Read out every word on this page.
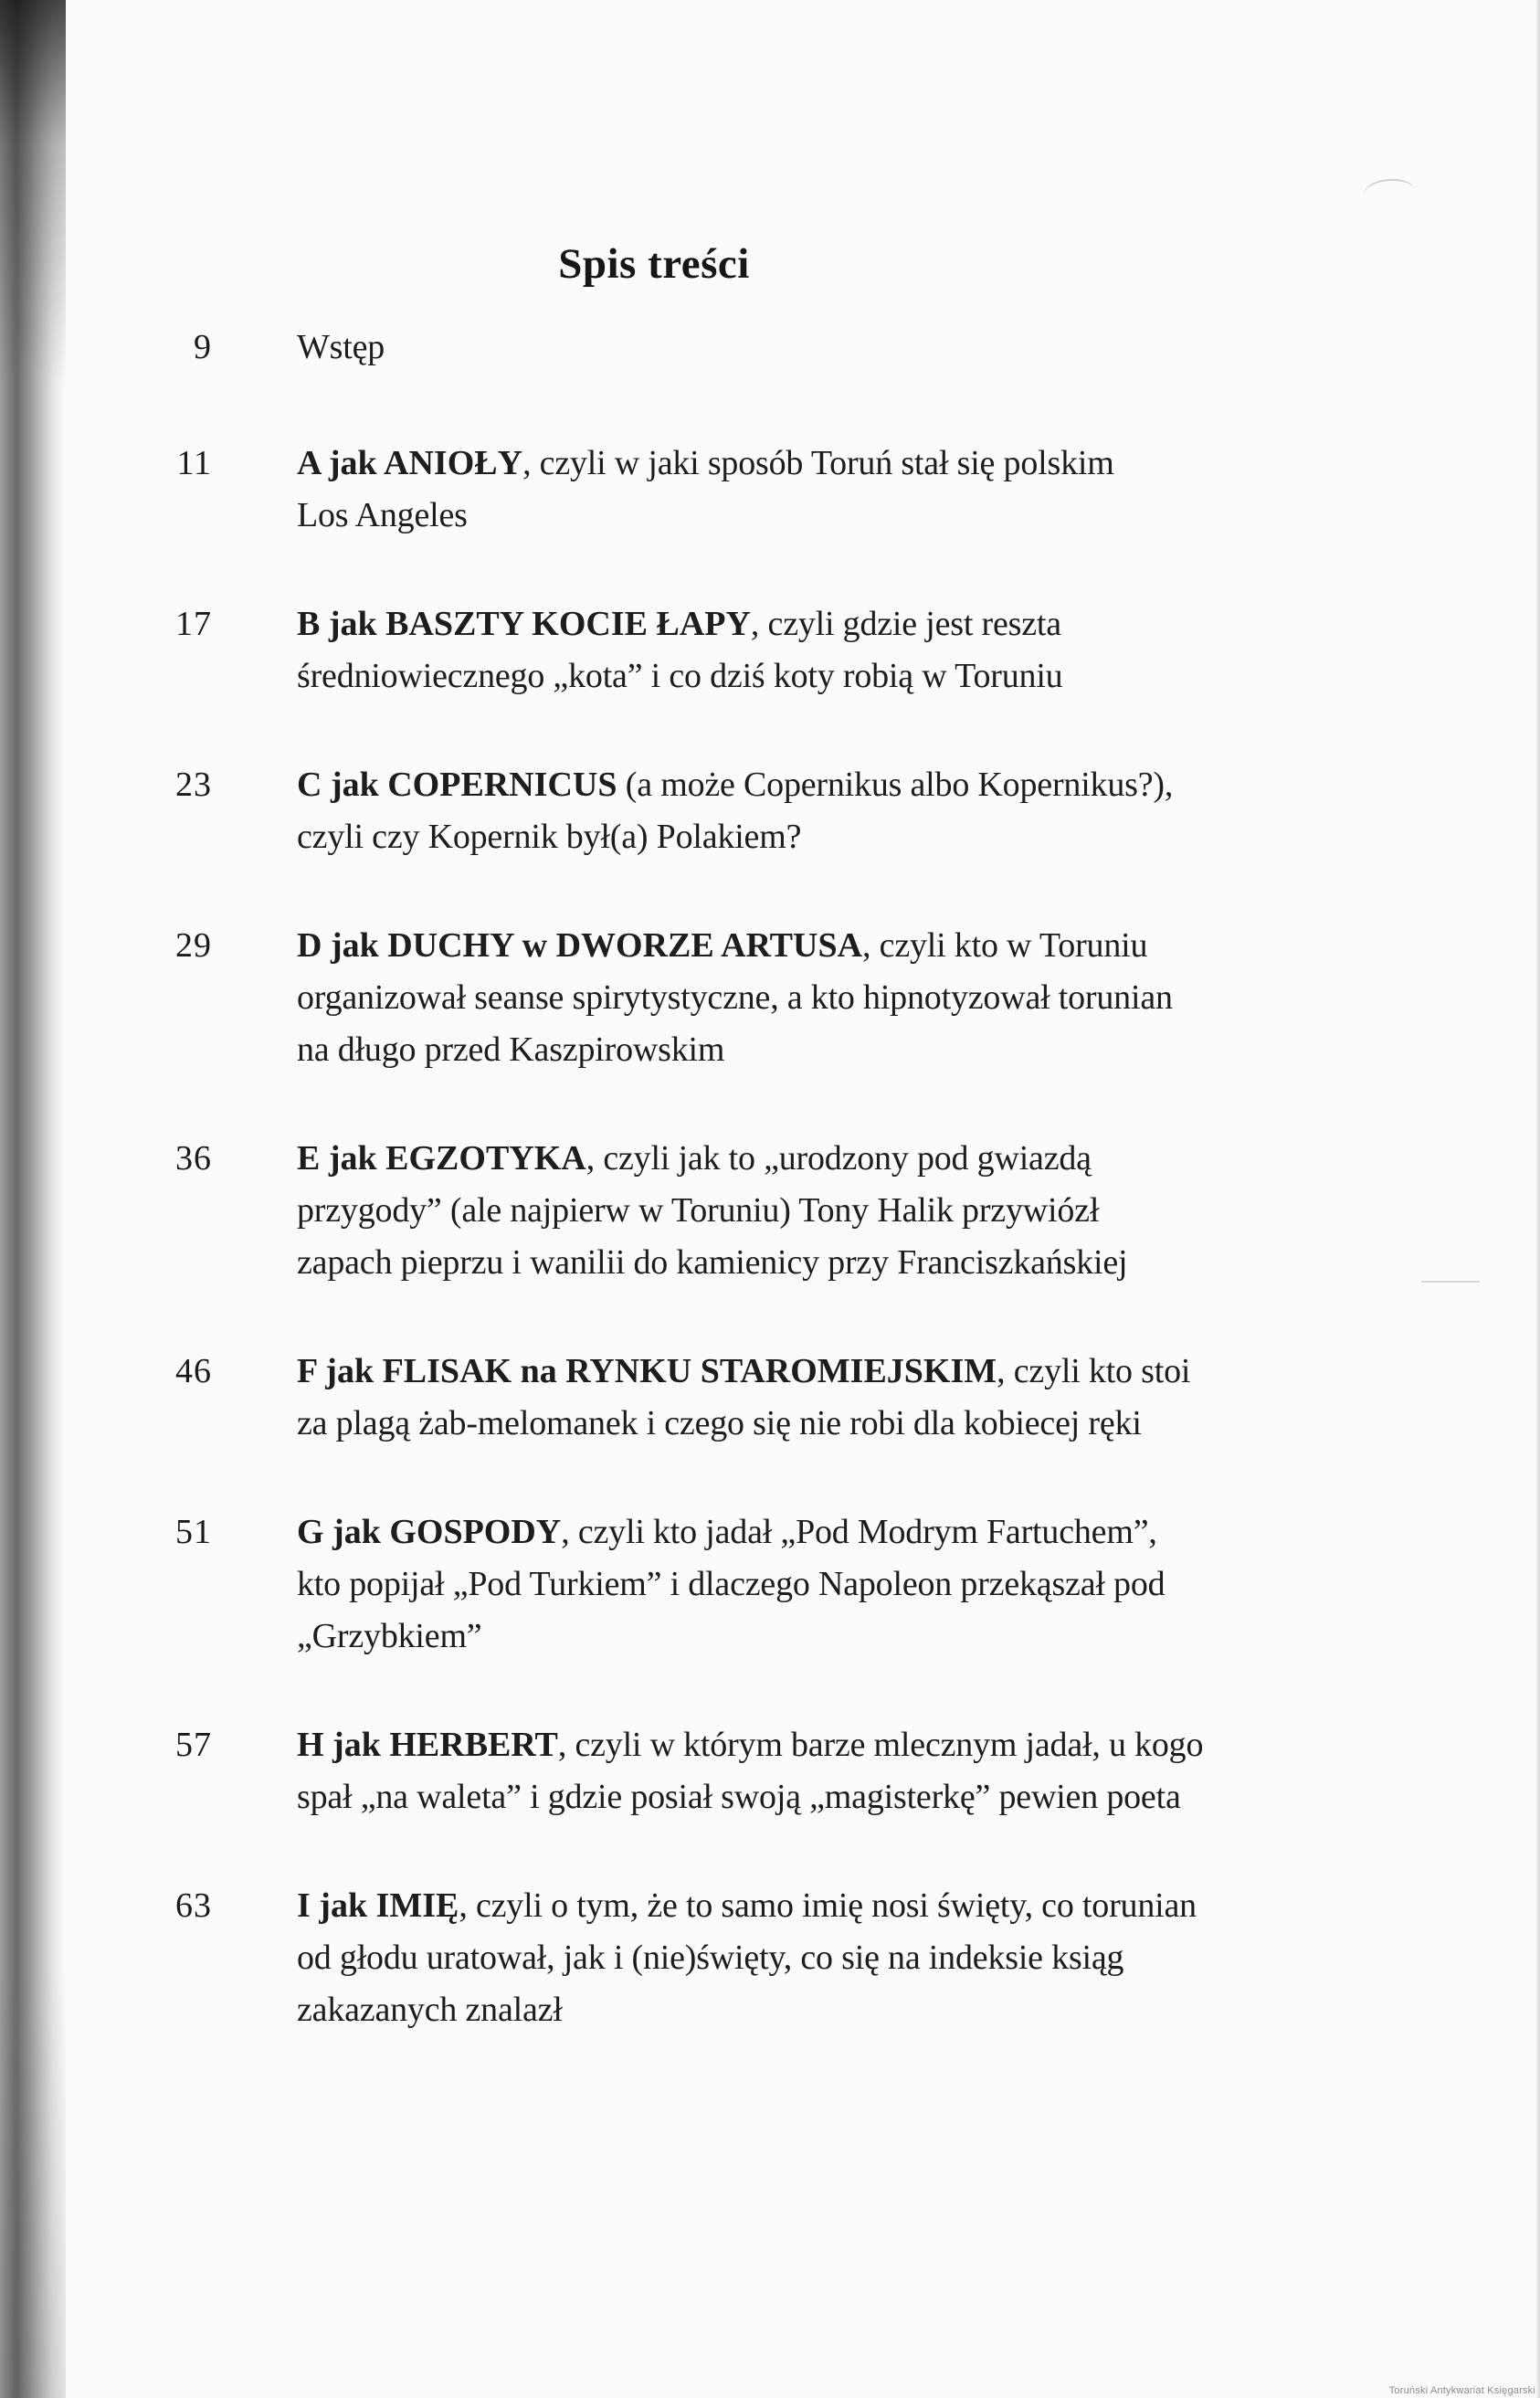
Spis treści
9 Wstęp
11 A jak ANIOŁY, czyli w jaki sposób Toruń stał się polskim
Los Angeles
17 B jak BASZTY KOCIE ŁAPY, czyli gdzie jest reszta
średniowiecznego „kota” i co dziś koty robią w Toruniu
23 C jak COPERNICUS (a może Copernikus albo Kopernikus?),
czyli czy Kopernik był(a) Polakiem?
29 D jak DUCHY w DWORZE ARTUSA, czyli kto w Toruniu
organizował seanse spirytystyczne, a kto hipnotyzował torunian
na długo przed Kaszpirowskim
36 E jak EGZOTYKA, czyli jak to „urodzony pod gwiazdą
przygody” (ale najpierw w Toruniu) Tony Halik przywiózł
zapach pieprzu i wanilii do kamienicy przy Franciszkańskiej
46 F jak FLISAK na RYNKU STAROMIEJSKIM, czyli kto stoi
za plagą żab-melomanek i czego się nie robi dla kobiecej ręki
51 G jak GOSPODY, czyli kto jadał „Pod Modrym Fartuchem”,
kto popijał „Pod Turkiem” i dlaczego Napoleon przekąszał pod
„Grzybkiem”
57 H jak HERBERT, czyli w którym barze mlecznym jadał, u kogo
spał „na waleta” i gdzie posiał swoją „magisterkę” pewien poeta
63 I jak IMIĘ, czyli o tym, że to samo imię nosi święty, co torunian
od głodu uratował, jak i (nie)święty, co się na indeksie ksiąg
zakazanych znalazł
Toruński Antykwariat Księgarski
